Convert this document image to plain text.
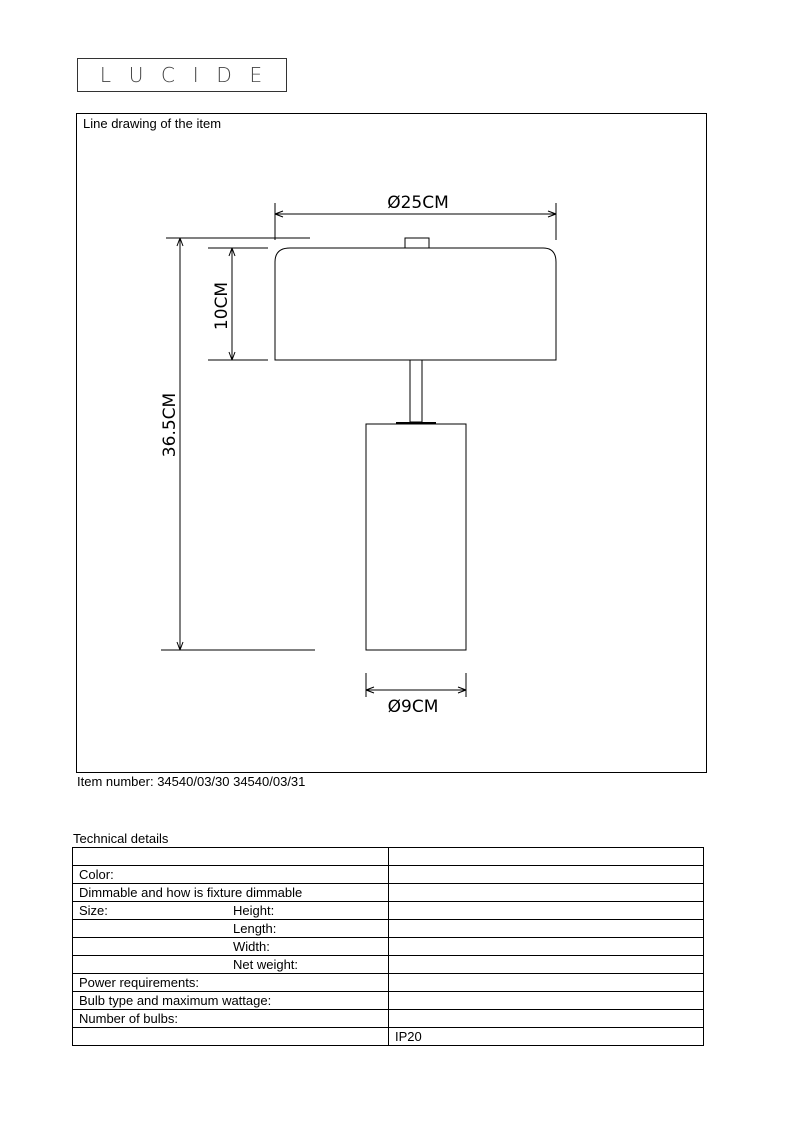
L U C I D E
Line drawing of the item
Ø25CM
36.5CM
10CM
Ø9CM
Item number: 34540/03/30 34540/03/31
Technical details

Color:

Dimmable and how is fixture dimmable

Size: Height:	

Length:	

Width:	

Net weight:	

Power requirements:

Bulb type and maximum wattage:

Number of bulbs:

	IP20
